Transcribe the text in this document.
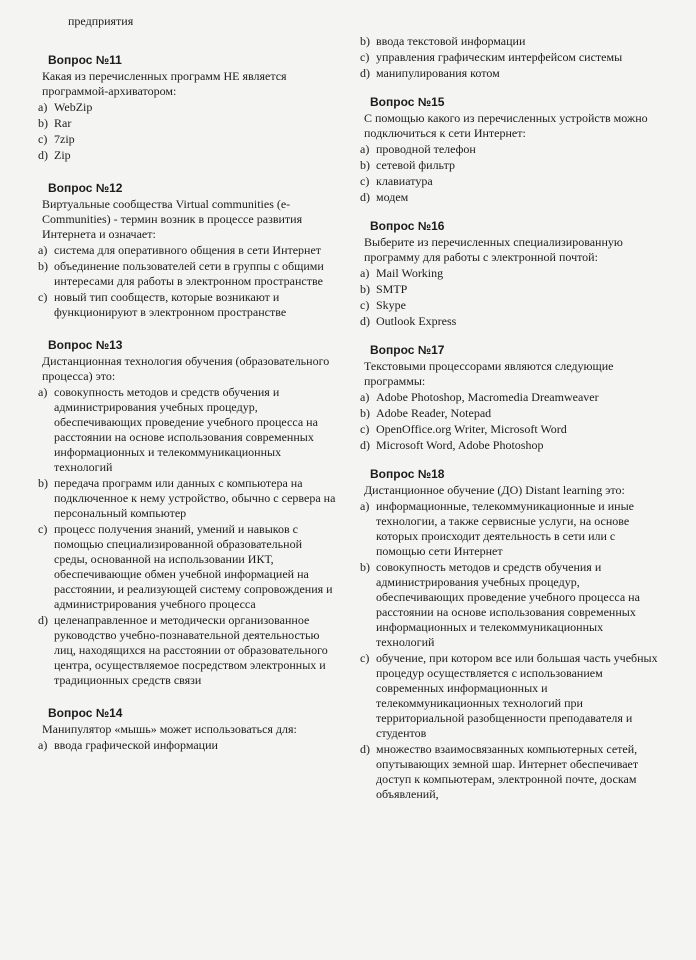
предприятия
Вопрос №11
Какая из перечисленных программ НЕ является программой-архиватором:
a) WebZip
b) Rar
c) 7zip
d) Zip
Вопрос №12
Виртуальные сообщества Virtual communities (e-Communities) - термин возник в процессе развития Интернета и означает:
a) система для оперативного общения в сети Интернет
b) объединение пользователей сети в группы с общими интересами для работы в электронном пространстве
c) новый тип сообществ, которые возникают и функционируют в электронном пространстве
Вопрос №13
Дистанционная технология обучения (образовательного процесса) это:
a) совокупность методов и средств обучения и администрирования учебных процедур, обеспечивающих проведение учебного процесса на расстоянии на основе использования современных информационных и телекоммуникационных технологий
b) передача программ или данных с компьютера на подключенное к нему устройство, обычно с сервера на персональный компьютер
c) процесс получения знаний, умений и навыков с помощью специализированной образовательной среды, основанной на использовании ИКТ, обеспечивающие обмен учебной информацией на расстоянии, и реализующей систему сопровождения и администрирования учебного процесса
d) целенаправленное и методически организованное руководство учебно-познавательной деятельностью лиц, находящихся на расстоянии от образовательного центра, осуществляемое посредством электронных и традиционных средств связи
Вопрос №14
Манипулятор «мышь» может использоваться для:
a) ввода графической информации
b) ввода текстовой информации
c) управления графическим интерфейсом системы
d) манипулирования котом
Вопрос №15
С помощью какого из перечисленных устройств можно подключиться к сети Интернет:
a) проводной телефон
b) сетевой фильтр
c) клавиатура
d) модем
Вопрос №16
Выберите из перечисленных специализированную программу для работы с электронной почтой:
a) Mail Working
b) SMTP
c) Skype
d) Outlook Express
Вопрос №17
Текстовыми процессорами являются следующие программы:
a) Adobe Photoshop, Macromedia Dreamweaver
b) Adobe Reader, Notepad
c) OpenOffice.org Writer, Microsoft Word
d) Microsoft Word, Adobe Photoshop
Вопрос №18
Дистанционное обучение (ДО) Distant learning это:
a) информационные, телекоммуникационные и иные технологии, а также сервисные услуги, на основе которых происходит деятельность в сети или с помощью сети Интернет
b) совокупность методов и средств обучения и администрирования учебных процедур, обеспечивающих проведение учебного процесса на расстоянии на основе использования современных информационных и телекоммуникационных технологий
c) обучение, при котором все или большая часть учебных процедур осуществляется с использованием современных информационных и телекоммуникационных технологий при территориальной разобщенности преподавателя и студентов
d) множество взаимосвязанных компьютерных сетей, опутывающих земной шар. Интернет обеспечивает доступ к компьютерам, электронной почте, доскам объявлений,
